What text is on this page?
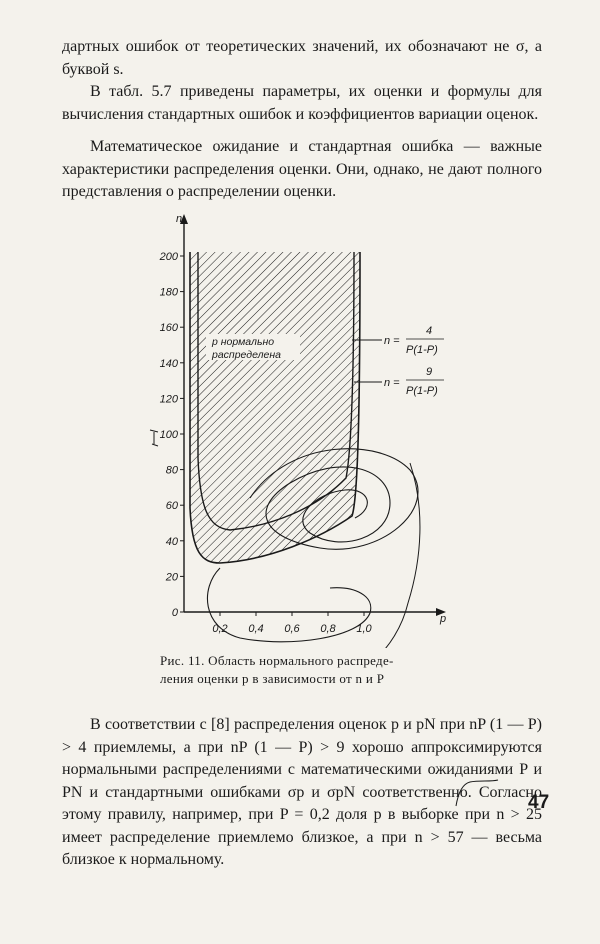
дартных ошибок от теоретических значений, их обозначают не σ, а буквой s.

В табл. 5.7 приведены параметры, их оценки и формулы для вычисления стандартных ошибок и коэффициентов вариации оценок.

Математическое ожидание и стандартная ошибка — важные характеристики распределения оценки. Они, однако, не дают полного представления о распределении оценки.

p нормально
распределена
n
p
200
180
160
140
120
100
80
60
40
20
0
0,2 0,4 0,6 0,8 1,0
n =
4
P(1-P)
n =
9
P(1-P)
Рис. 11. Область нормального распреде-
ления оценки p в зависимости от n и P

В соответствии с [8] распределения оценок p и pN при nP (1 — P) > 4 приемлемы, а при nP (1 — P) > 9 хорошо аппроксимируются нормальными распределениями с математическими ожиданиями P и PN и стандартными ошибками σp и σpN соответственно. Согласно этому правилу, например, при P = 0,2 доля p в выборке при n > 25 имеет распределение приемлемо близкое, а при n > 57 — весьма близкое к нормальному.

47
